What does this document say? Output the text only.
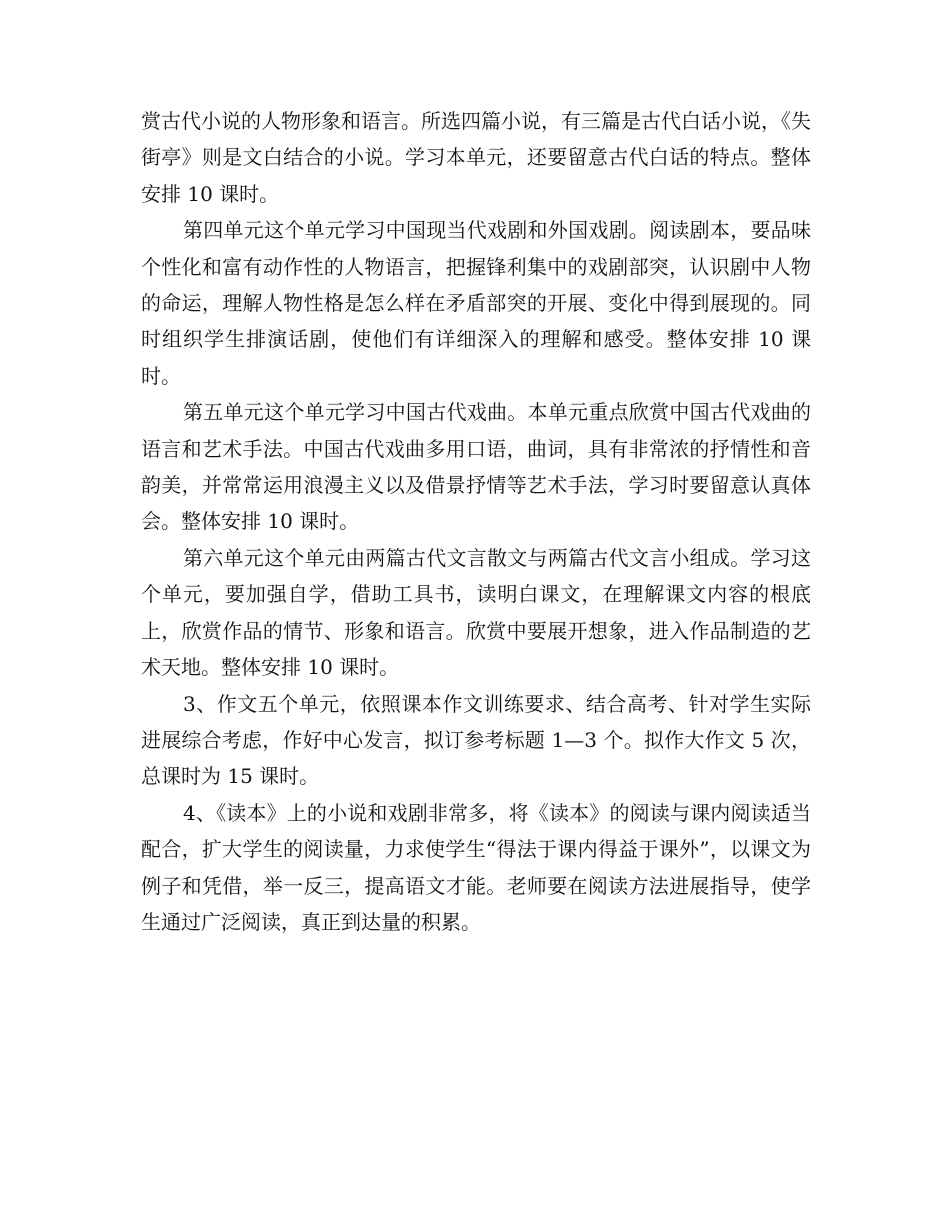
赏古代小说的人物形象和语言。所选四篇小说，有三篇是古代白话小说，《失街亭》则是文白结合的小说。学习本单元，还要留意古代白话的特点。整体安排 10 课时。

第四单元这个单元学习中国现当代戏剧和外国戏剧。阅读剧本，要品味个性化和富有动作性的人物语言，把握锋利集中的戏剧部突，认识剧中人物的命运，理解人物性格是怎么样在矛盾部突的开展、变化中得到展现的。同时组织学生排演话剧，使他们有详细深入的理解和感受。整体安排 10 课时。

第五单元这个单元学习中国古代戏曲。本单元重点欣赏中国古代戏曲的语言和艺术手法。中国古代戏曲多用口语，曲词，具有非常浓的抒情性和音韵美，并常常运用浪漫主义以及借景抒情等艺术手法，学习时要留意认真体会。整体安排 10 课时。

第六单元这个单元由两篇古代文言散文与两篇古代文言小组成。学习这个单元，要加强自学，借助工具书，读明白课文，在理解课文内容的根底上，欣赏作品的情节、形象和语言。欣赏中要展开想象，进入作品制造的艺术天地。整体安排 10 课时。

3、作文五个单元，依照课本作文训练要求、结合高考、针对学生实际进展综合考虑，作好中心发言，拟订参考标题 1—3 个。拟作大作文 5 次，总课时为 15 课时。

4、《读本》上的小说和戏剧非常多，将《读本》的阅读与课内阅读适当配合，扩大学生的阅读量，力求使学生“得法于课内得益于课外”，以课文为例子和凭借，举一反三，提高语文才能。老师要在阅读方法进展指导，使学生通过广泛阅读，真正到达量的积累。
